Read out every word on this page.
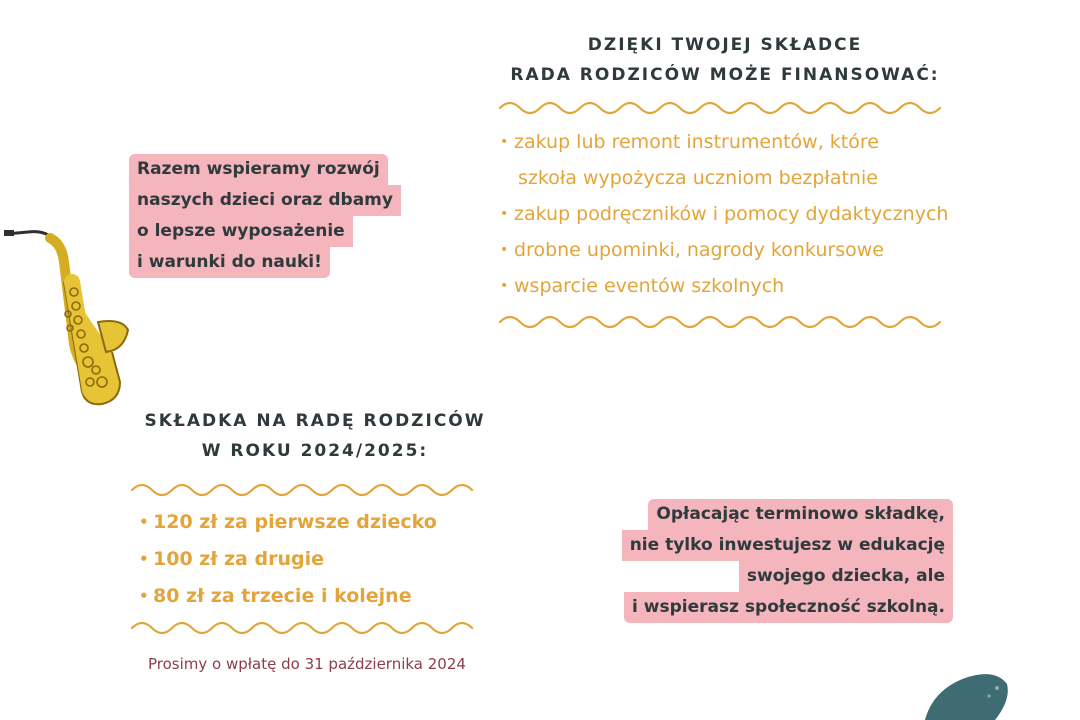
DZIĘKI TWOJEJ SKŁADCE

RADA RODZICÓW MOŻE FINANSOWAĆ:

• zakup lub remont instrumentów, które
szkoła wypożycza uczniom bezpłatnie
• zakup podręczników i pomocy dydaktycznych
• drobne upominki, nagrody konkursowe
• wsparcie eventów szkolnych
Razem wspieramy rozwój
naszych dzieci oraz dbamy
o lepsze wyposażenie
i warunki do nauki!

SKŁADKA NA RADĘ RODZICÓW

W ROKU 2024/2025:

• 120 zł za pierwsze dziecko
• 100 zł za drugie
• 80 zł za trzecie i kolejne
Prosimy o wpłatę do 31 października 2024
Opłacając terminowo składkę,
nie tylko inwestujesz w edukację
swojego dziecka, ale
i wspierasz społeczność szkolną.
